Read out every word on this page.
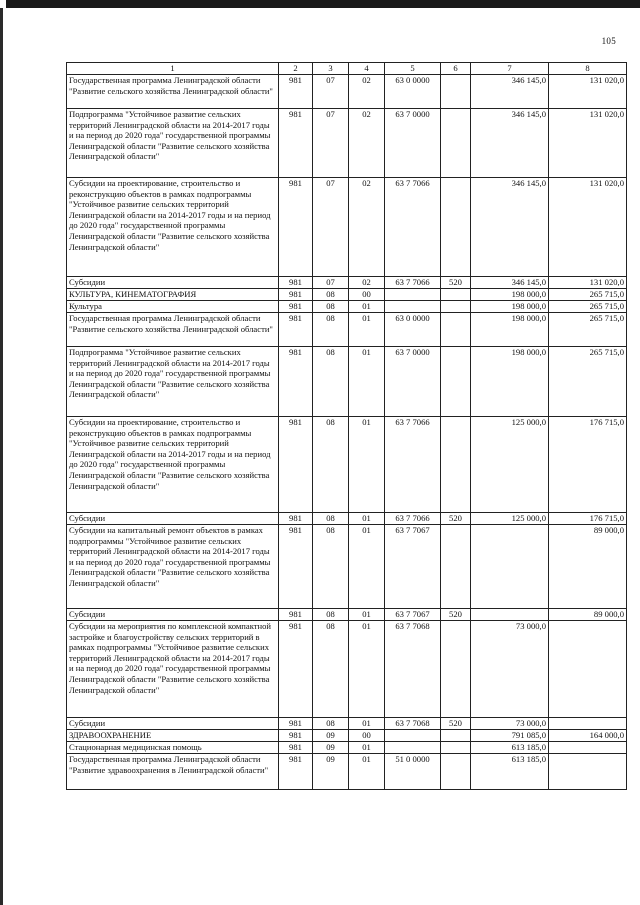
105
1	2	3	4	5	6	7	8
Государственная программа Ленинградской области "Развитие сельского хозяйства Ленинградской области"	981	07	02	63 0 0000		346 145,0	131 020,0
Подпрограмма "Устойчивое развитие сельских территорий Ленинградской области на 2014-2017 годы и на период до 2020 года" государственной программы Ленинградской области "Развитие сельского хозяйства Ленинградской области"	981	07	02	63 7 0000		346 145,0	131 020,0
Субсидии на проектирование, строительство и реконструкцию объектов в рамках подпрограммы "Устойчивое развитие сельских территорий Ленинградской области на 2014-2017 годы и на период до 2020 года" государственной программы Ленинградской области "Развитие сельского хозяйства Ленинградской области"	981	07	02	63 7 7066		346 145,0	131 020,0
Субсидии	981	07	02	63 7 7066	520	346 145,0	131 020,0
КУЛЬТУРА, КИНЕМАТОГРАФИЯ	981	08	00			198 000,0	265 715,0
Культура	981	08	01			198 000,0	265 715,0
Государственная программа Ленинградской области "Развитие сельского хозяйства Ленинградской области"	981	08	01	63 0 0000		198 000,0	265 715,0
Подпрограмма "Устойчивое развитие сельских территорий Ленинградской области на 2014-2017 годы и на период до 2020 года" государственной программы Ленинградской области "Развитие сельского хозяйства Ленинградской области"	981	08	01	63 7 0000		198 000,0	265 715,0
Субсидии на проектирование, строительство и реконструкцию объектов в рамках подпрограммы "Устойчивое развитие сельских территорий Ленинградской области на 2014-2017 годы и на период до 2020 года" государственной программы Ленинградской области "Развитие сельского хозяйства Ленинградской области"	981	08	01	63 7 7066		125 000,0	176 715,0
Субсидии	981	08	01	63 7 7066	520	125 000,0	176 715,0
Субсидии на капитальный ремонт объектов в рамках подпрограммы "Устойчивое развитие сельских территорий Ленинградской области на 2014-2017 годы и на период до 2020 года" государственной программы Ленинградской области "Развитие сельского хозяйства Ленинградской области"	981	08	01	63 7 7067			89 000,0
Субсидии	981	08	01	63 7 7067	520		89 000,0
Субсидии на мероприятия по комплексной компактной застройке и благоустройству сельских территорий в рамках подпрограммы "Устойчивое развитие сельских территорий Ленинградской области на 2014-2017 годы и на период до 2020 года" государственной программы Ленинградской области "Развитие сельского хозяйства Ленинградской области"	981	08	01	63 7 7068		73 000,0	
Субсидии	981	08	01	63 7 7068	520	73 000,0	
ЗДРАВООХРАНЕНИЕ	981	09	00			791 085,0	164 000,0
Стационарная медицинская помощь	981	09	01			613 185,0	
Государственная программа Ленинградской области "Развитие здравоохранения в Ленинградской области"	981	09	01	51 0 0000		613 185,0	
